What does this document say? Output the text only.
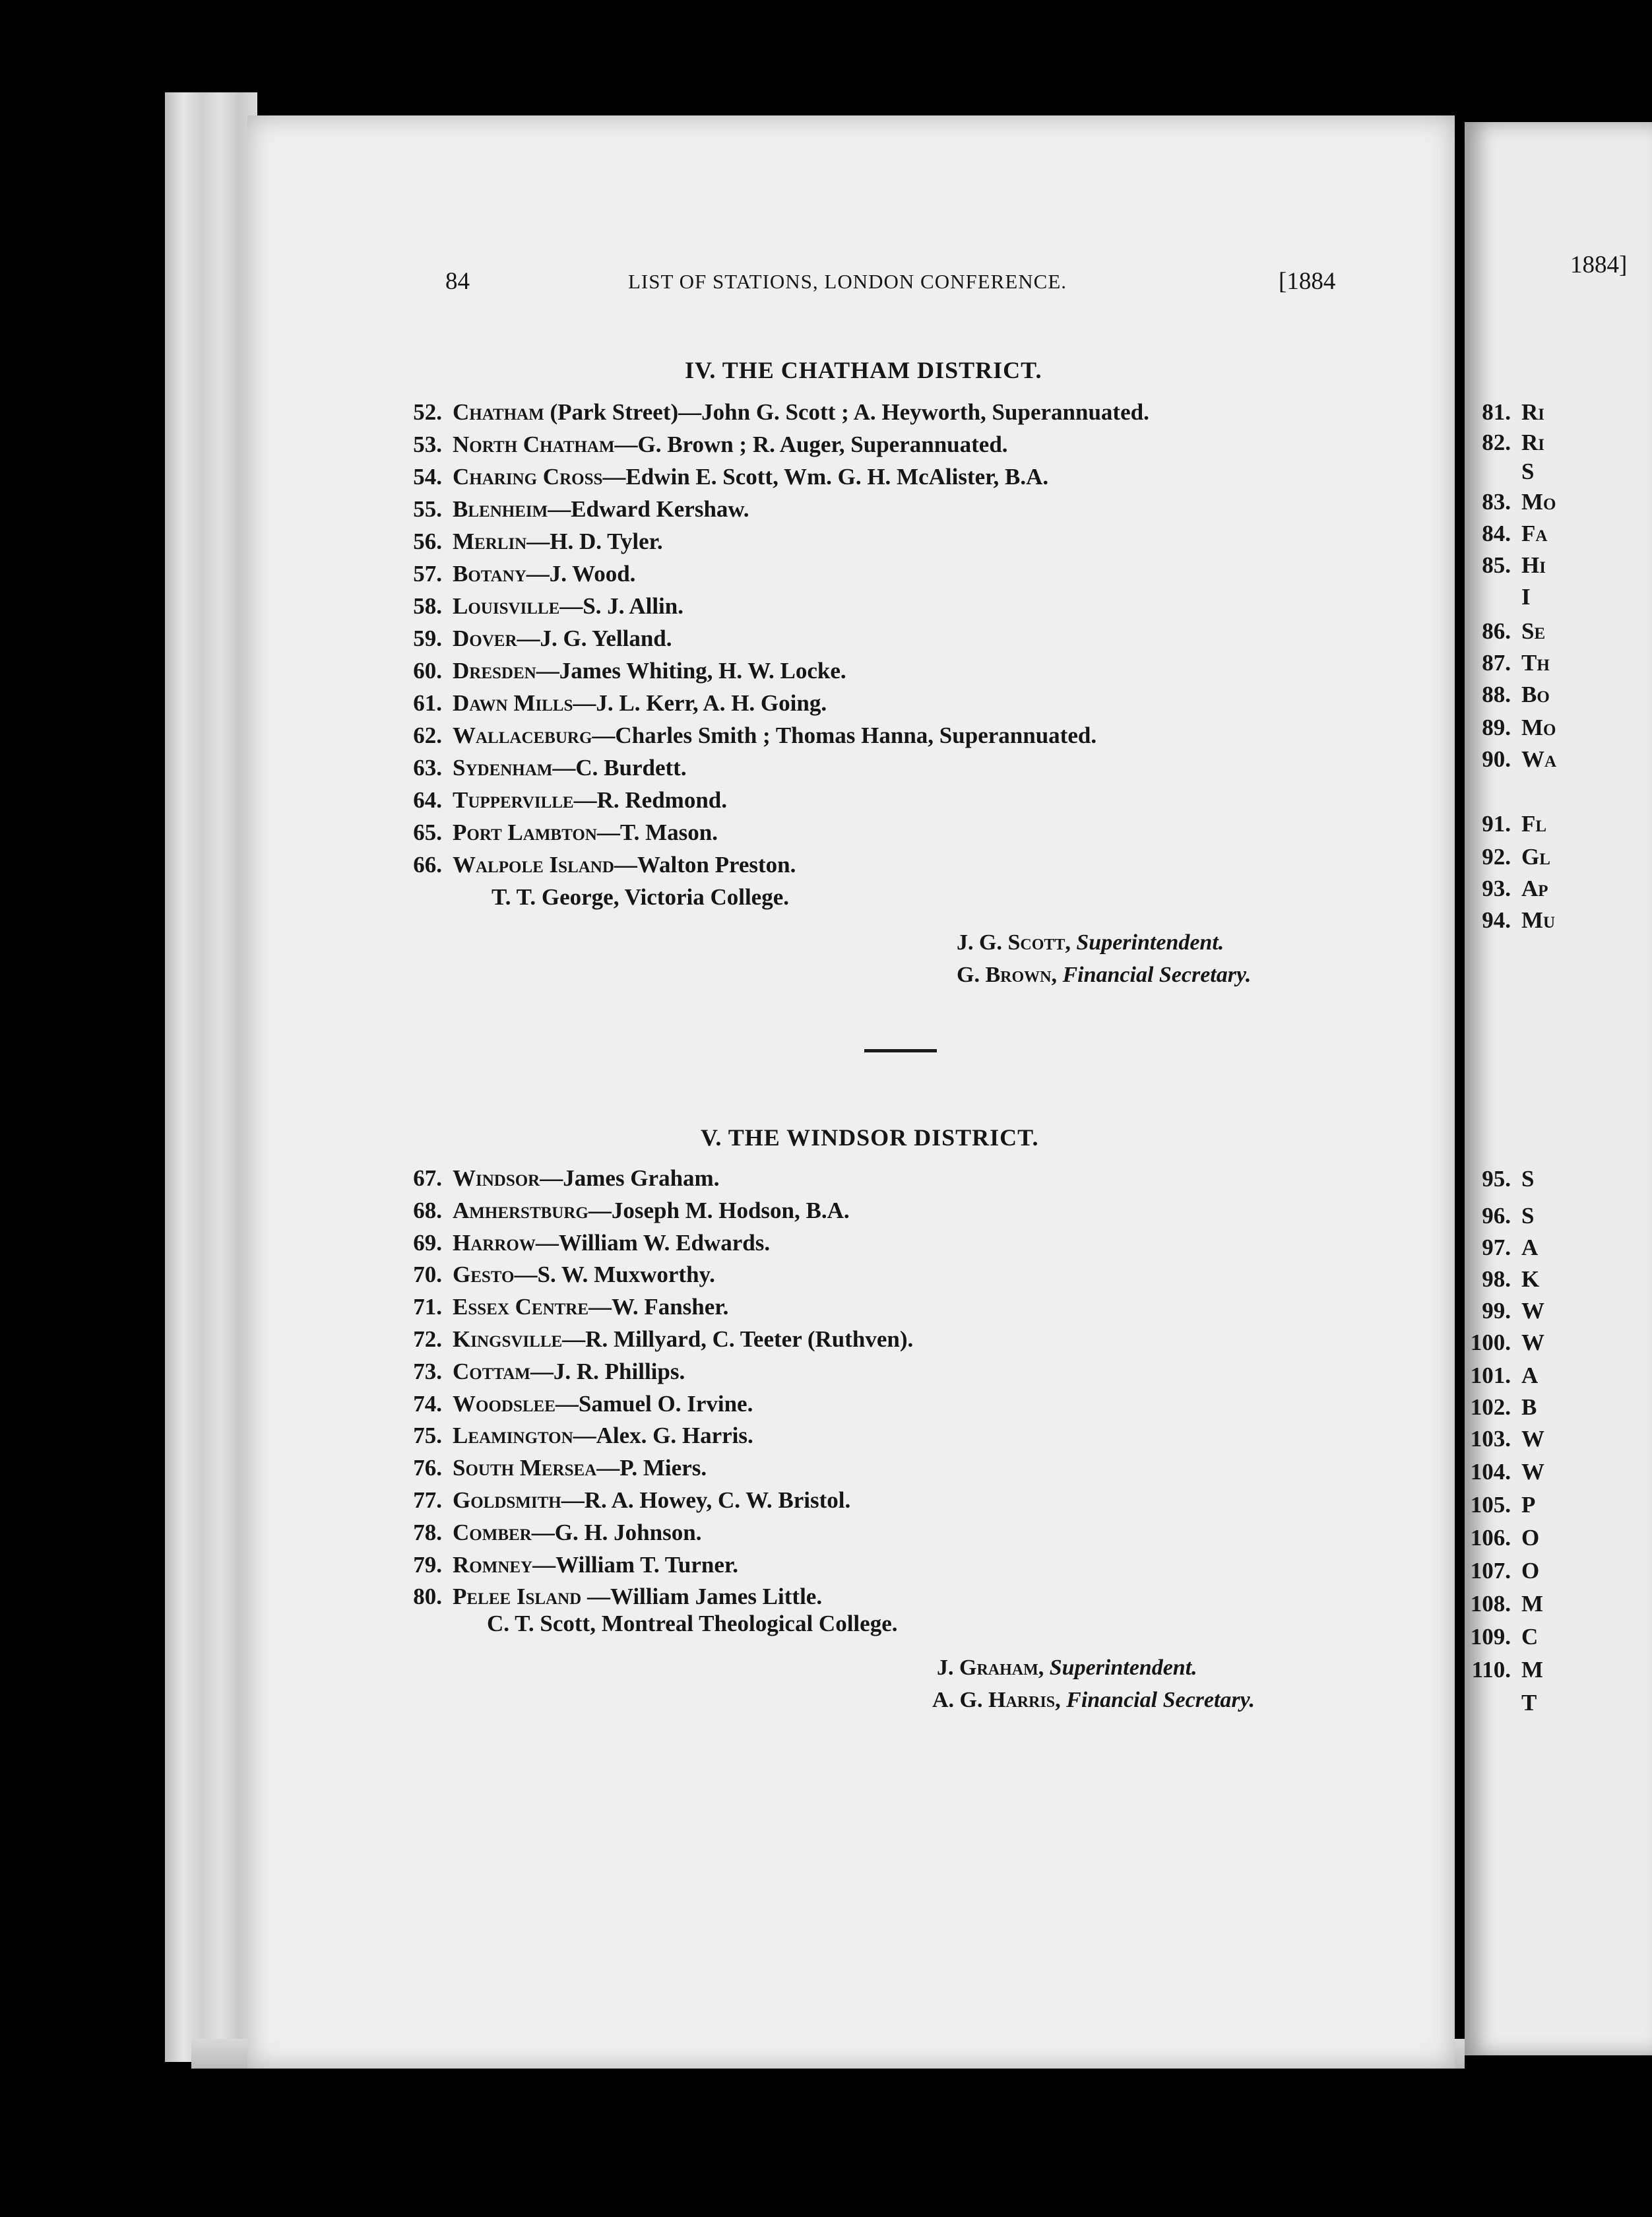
84	LIST OF STATIONS, LONDON CONFERENCE.	[1884
IV. THE CHATHAM DISTRICT.
52. Chatham (Park Street)—John G. Scott ; A. Heyworth, Superannuated.
53. North Chatham—G. Brown ; R. Auger, Superannuated.
54. Charing Cross—Edwin E. Scott, Wm. G. H. McAlister, B.A.
55. Blenheim—Edward Kershaw.
56. Merlin—H. D. Tyler.
57. Botany—J. Wood.
58. Louisville—S. J. Allin.
59. Dover—J. G. Yelland.
60. Dresden—James Whiting, H. W. Locke.
61. Dawn Mills—J. L. Kerr, A. H. Going.
62. Wallaceburg—Charles Smith ; Thomas Hanna, Superannuated.
63. Sydenham—C. Burdett.
64. Tupperville—R. Redmond.
65. Port Lambton—T. Mason.
66. Walpole Island—Walton Preston.
T. T. George, Victoria College.
J. G. Scott, Superintendent.
G. Brown, Financial Secretary.
V. THE WINDSOR DISTRICT.
67. Windsor—James Graham.
68. Amherstburg—Joseph M. Hodson, B.A.
69. Harrow—William W. Edwards.
70. Gesto—S. W. Muxworthy.
71. Essex Centre—W. Fansher.
72. Kingsville—R. Millyard, C. Teeter (Ruthven).
73. Cottam—J. R. Phillips.
74. Woodslee—Samuel O. Irvine.
75. Leamington—Alex. G. Harris.
76. South Mersea—P. Miers.
77. Goldsmith—R. A. Howey, C. W. Bristol.
78. Comber—G. H. Johnson.
79. Romney—William T. Turner.
80. Pelee Island —William James Little.
C. T. Scott, Montreal Theological College.
J. Graham, Superintendent.
A. G. Harris, Financial Secretary.
1884]
81. Ri
82. Ri
S
83. Mo
84. Fa
85. Hi
I
86. Se
87. Th
88. Bo
89. Mo
90. Wa
91. Fl
92. Gl
93. Ap
94. Mu
95. S
96. S
97. A
98. K
99. W
100. W
101. A
102. B
103. W
104. W
105. P
106. O
107. O
108. M
109. C
110. M
T
